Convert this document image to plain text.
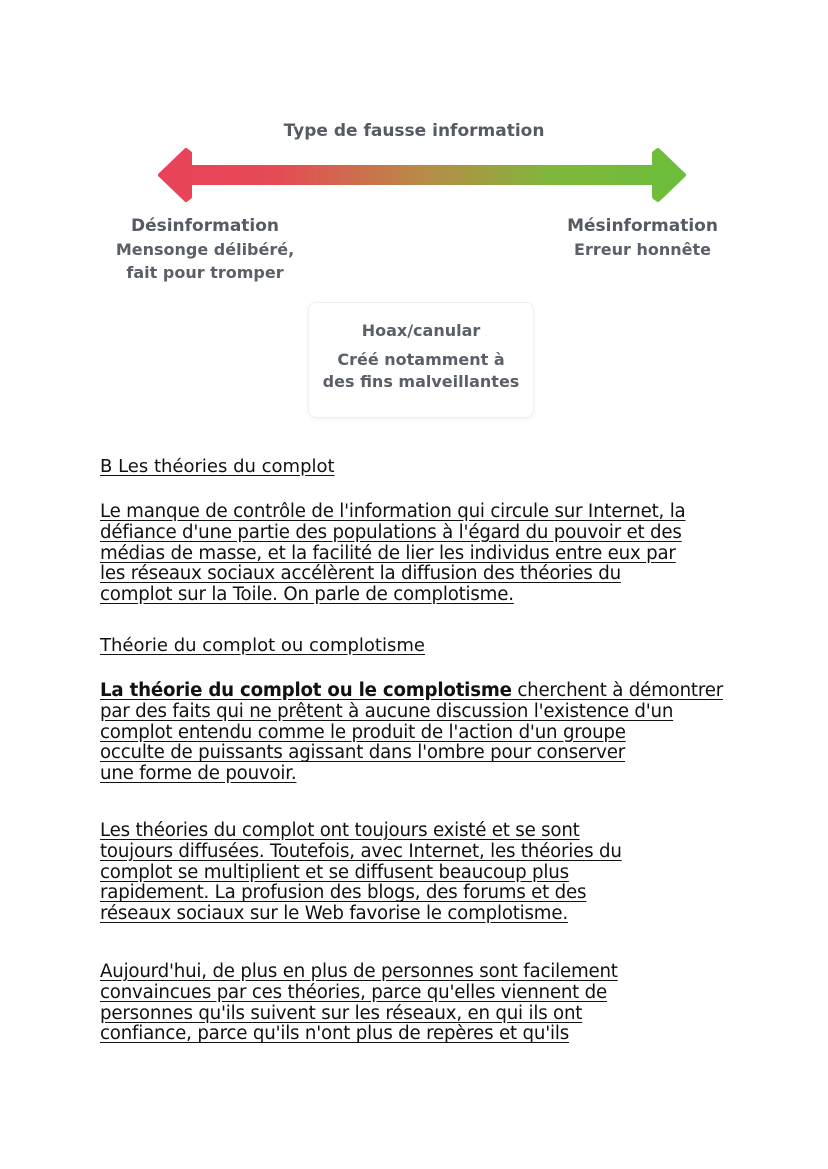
Type de fausse information
Désinformation
Mensonge délibéré,
fait pour tromper
Mésinformation
Erreur honnête
Hoax/canular
Créé notamment à
des fins malveillantes
B Les théories du complot
Le manque de contrôle de l'information qui circule sur Internet, la
défiance d'une partie des populations à l'égard du pouvoir et des
médias de masse, et la facilité de lier les individus entre eux par
les réseaux sociaux accélèrent la diffusion des théories du
complot sur la Toile. On parle de complotisme.
Théorie du complot ou complotisme
La théorie du complot ou le complotisme cherchent à démontrer
par des faits qui ne prêtent à aucune discussion l'existence d'un
complot entendu comme le produit de l'action d'un groupe
occulte de puissants agissant dans l'ombre pour conserver
une forme de pouvoir.
Les théories du complot ont toujours existé et se sont
toujours diffusées. Toutefois, avec Internet, les théories du
complot se multiplient et se diffusent beaucoup plus
rapidement. La profusion des blogs, des forums et des
réseaux sociaux sur le Web favorise le complotisme.
Aujourd'hui, de plus en plus de personnes sont facilement
convaincues par ces théories, parce qu'elles viennent de
personnes qu'ils suivent sur les réseaux, en qui ils ont
confiance, parce qu'ils n'ont plus de repères et qu'ils
